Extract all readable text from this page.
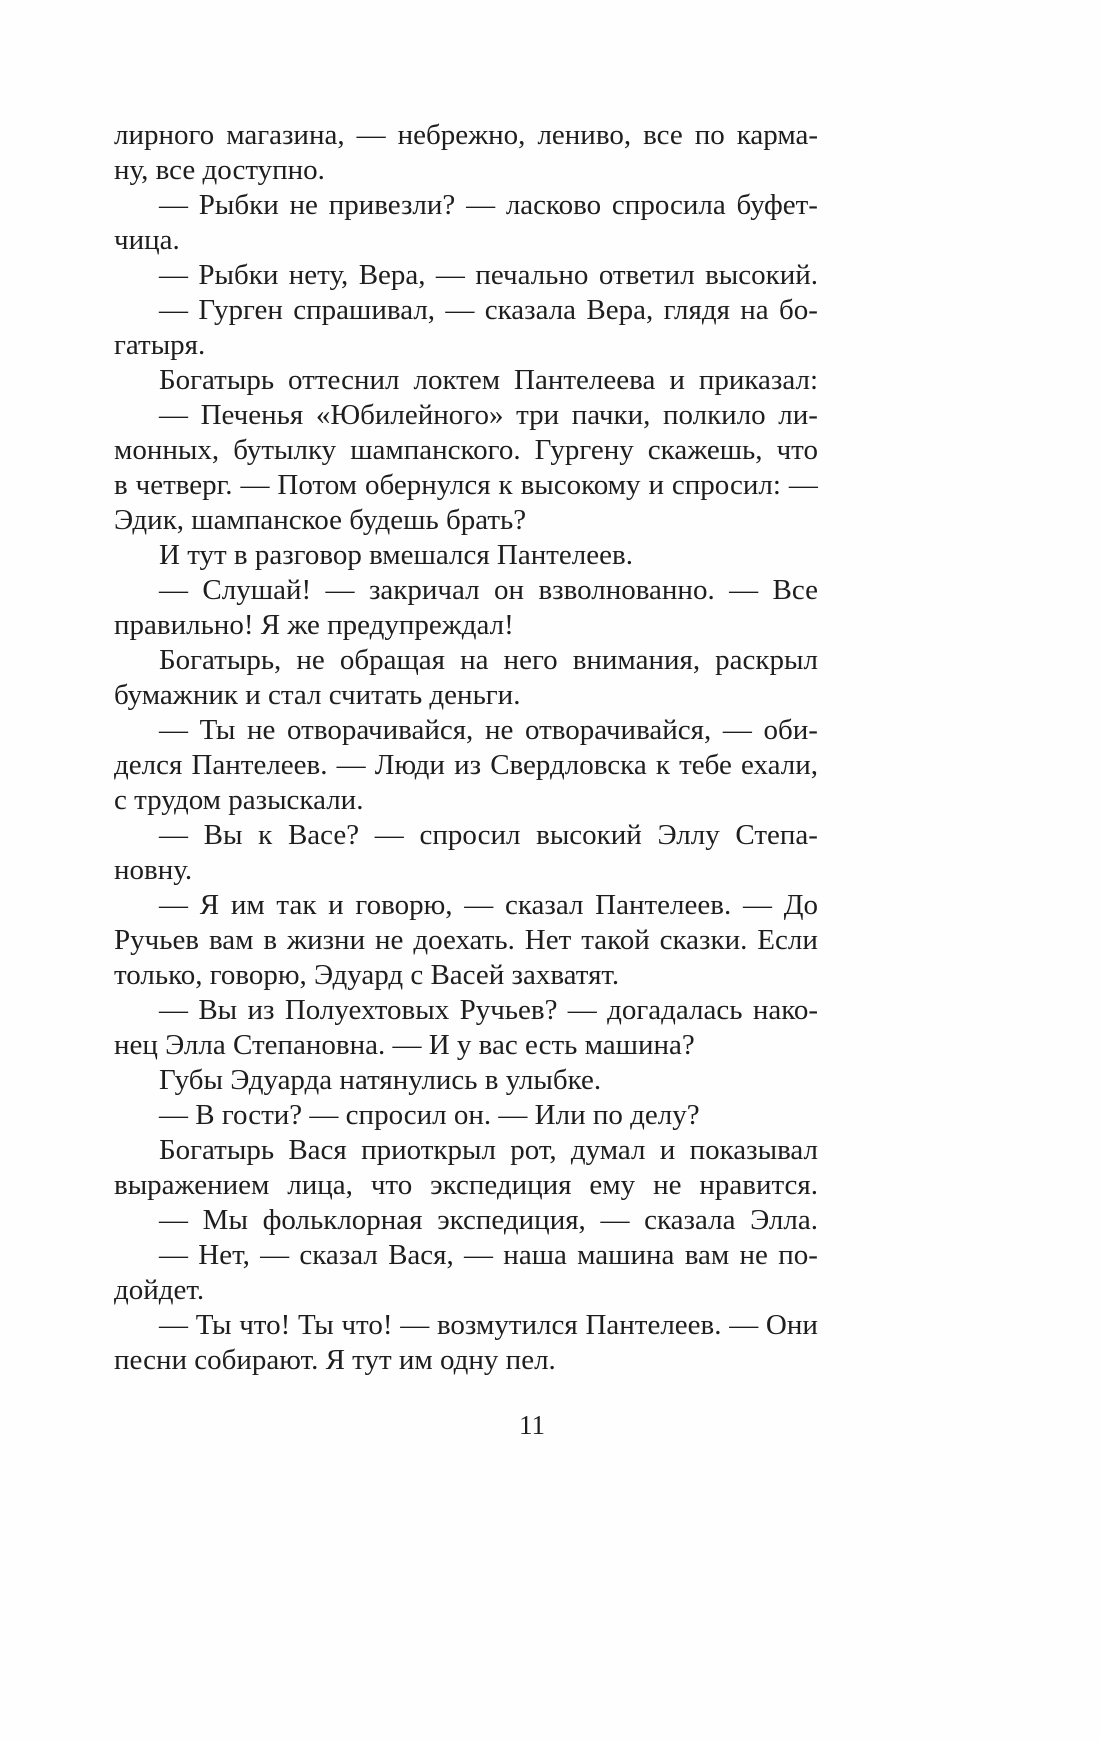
лирного магазина, — небрежно, лениво, все по карма-
ну, все доступно.
— Рыбки не привезли? — ласково спросила буфет-
чица.
— Рыбки нету, Вера, — печально ответил высокий.
— Гурген спрашивал, — сказала Вера, глядя на бо-
гатыря.
Богатырь оттеснил локтем Пантелеева и приказал:
— Печенья «Юбилейного» три пачки, полкило ли-
монных, бутылку шампанского. Гургену скажешь, что
в четверг. — Потом обернулся к высокому и спросил: —
Эдик, шампанское будешь брать?
И тут в разговор вмешался Пантелеев.
— Слушай! — закричал он взволнованно. — Все
правильно! Я же предупреждал!
Богатырь, не обращая на него внимания, раскрыл
бумажник и стал считать деньги.
— Ты не отворачивайся, не отворачивайся, — оби-
делся Пантелеев. — Люди из Свердловска к тебе ехали,
с трудом разыскали.
— Вы к Васе? — спросил высокий Эллу Степа-
новну.
— Я им так и говорю, — сказал Пантелеев. — До
Ручьев вам в жизни не доехать. Нет такой сказки. Если
только, говорю, Эдуард с Васей захватят.
— Вы из Полуехтовых Ручьев? — догадалась нако-
нец Элла Степановна. — И у вас есть машина?
Губы Эдуарда натянулись в улыбке.
— В гости? — спросил он. — Или по делу?
Богатырь Вася приоткрыл рот, думал и показывал
выражением лица, что экспедиция ему не нравится.
— Мы фольклорная экспедиция, — сказала Элла.
— Нет, — сказал Вася, — наша машина вам не по-
дойдет.
— Ты что! Ты что! — возмутился Пантелеев. — Они
песни собирают. Я тут им одну пел.
11
